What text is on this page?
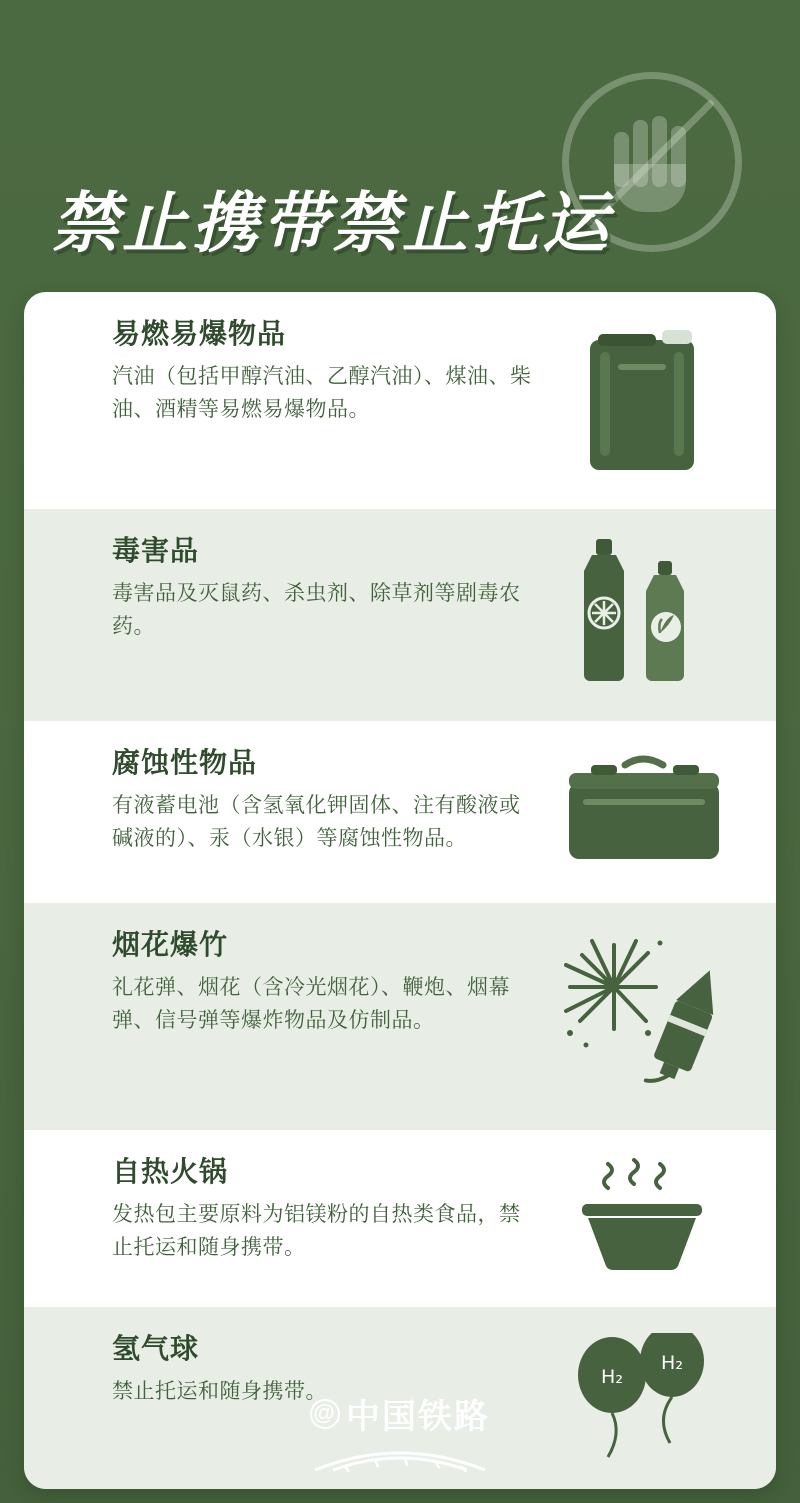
禁止携带禁止托运
易燃易爆物品

汽油（包括甲醇汽油、乙醇汽油）、煤油、柴油、酒精等易燃易爆物品。

毒害品

毒害品及灭鼠药、杀虫剂、除草剂等剧毒农药。

腐蚀性物品

有液蓄电池（含氢氧化钾固体、注有酸液或碱液的）、汞（水银）等腐蚀性物品。

烟花爆竹

礼花弹、烟花（含冷光烟花）、鞭炮、烟幕弹、信号弹等爆炸物品及仿制品。

自热火锅

发热包主要原料为铝镁粉的自热类食品，禁止托运和随身携带。

氢气球

禁止托运和随身携带。

H₂
H₂
@ 中国铁路
